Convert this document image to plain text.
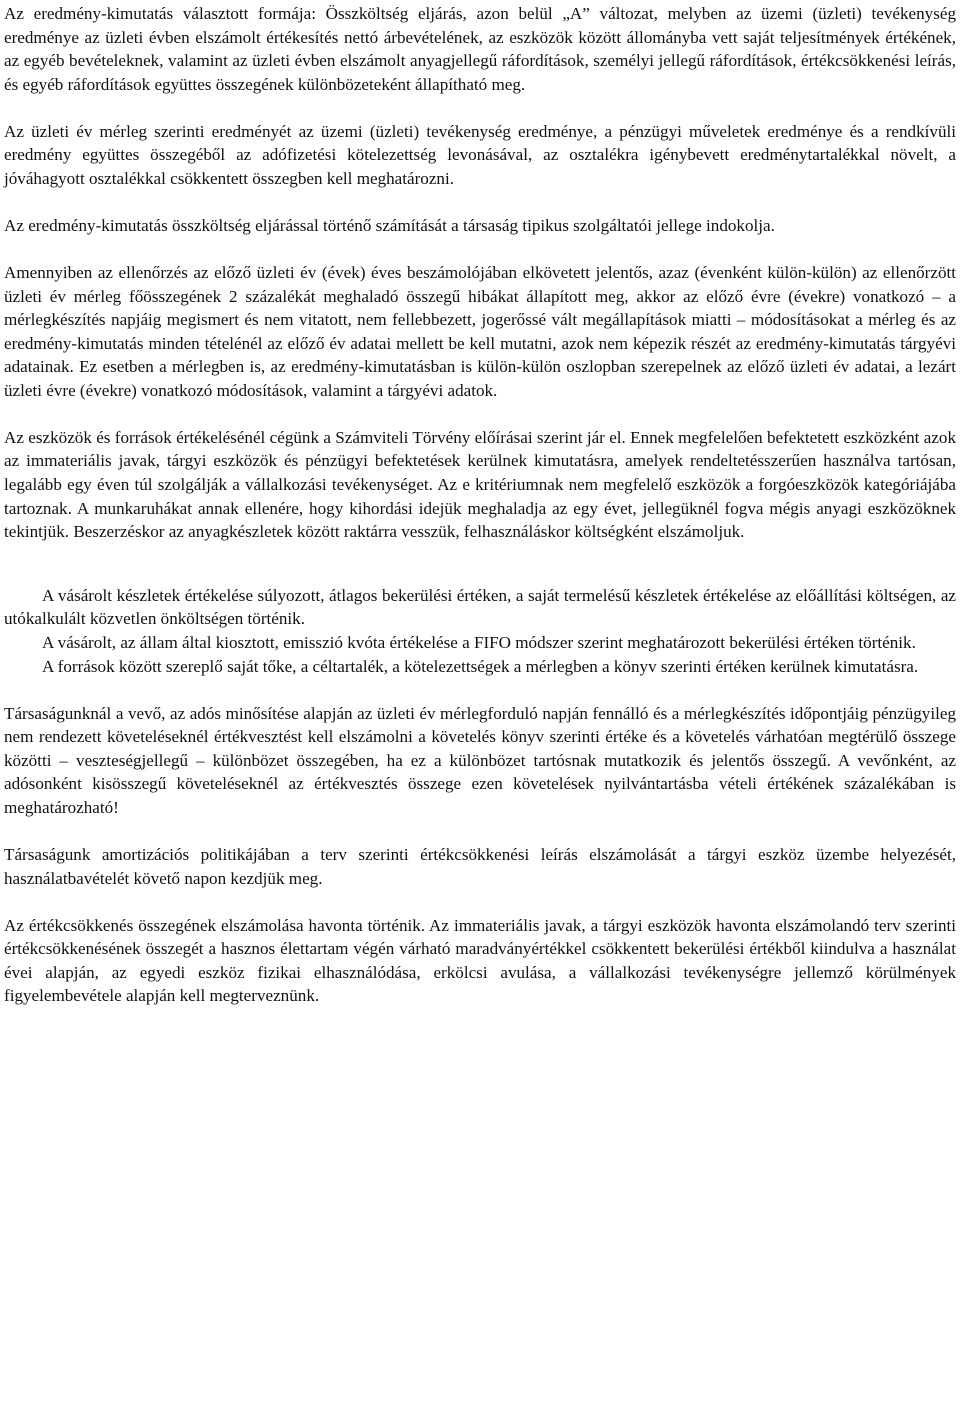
Az eredmény-kimutatás választott formája: Összköltség eljárás, azon belül „A” változat, melyben az üzemi (üzleti) tevékenység eredménye az üzleti évben elszámolt értékesítés nettó árbevételének, az eszközök között állományba vett saját teljesítmények értékének, az egyéb bevételeknek, valamint az üzleti évben elszámolt anyagjellegű ráfordítások, személyi jellegű ráfordítások, értékcsökkenési leírás, és egyéb ráfordítások együttes összegének különbözeteként állapítható meg.

Az üzleti év mérleg szerinti eredményét az üzemi (üzleti) tevékenység eredménye, a pénzügyi műveletek eredménye és a rendkívüli eredmény együttes összegéből az adófizetési kötelezettség levonásával, az osztalékra igénybevett eredménytartalékkal növelt, a jóváhagyott osztalékkal csökkentett összegben kell meghatározni.

Az eredmény-kimutatás összköltség eljárással történő számítását a társaság tipikus szolgáltatói jellege indokolja.

Amennyiben az ellenőrzés az előző üzleti év (évek) éves beszámolójában elkövetett jelentős, azaz (évenként külön-külön) az ellenőrzött üzleti év mérleg főösszegének 2 százalékát meghaladó összegű hibákat állapított meg, akkor az előző évre (évekre) vonatkozó – a mérlegkészítés napjáig megismert és nem vitatott, nem fellebbezett, jogerőssé vált megállapítások miatti – módosításokat a mérleg és az eredmény-kimutatás minden tételénél az előző év adatai mellett be kell mutatni, azok nem képezik részét az eredmény-kimutatás tárgyévi adatainak. Ez esetben a mérlegben is, az eredmény-kimutatásban is külön-külön oszlopban szerepelnek az előző üzleti év adatai, a lezárt üzleti évre (évekre) vonatkozó módosítások, valamint a tárgyévi adatok.

Az eszközök és források értékelésénél cégünk a Számviteli Törvény előírásai szerint jár el. Ennek megfelelően befektetett eszközként azok az immateriális javak, tárgyi eszközök és pénzügyi befektetések kerülnek kimutatásra, amelyek rendeltetésszerűen használva tartósan, legalább egy éven túl szolgálják a vállalkozási tevékenységet. Az e kritériumnak nem megfelelő eszközök a forgóeszközök kategóriájába tartoznak. A munkaruhákat annak ellenére, hogy kihordási idejük meghaladja az egy évet, jellegüknél fogva mégis anyagi eszközöknek tekintjük. Beszerzéskor az anyagkészletek között raktárra vesszük, felhasználáskor költségként elszámoljuk.

A vásárolt készletek értékelése súlyozott, átlagos bekerülési értéken, a saját termelésű készletek értékelése az előállítási költségen, az utókalkulált közvetlen önköltségen történik.

A vásárolt, az állam által kiosztott, emisszió kvóta értékelése a FIFO módszer szerint meghatározott bekerülési értéken történik.

A források között szereplő saját tőke, a céltartalék, a kötelezettségek a mérlegben a könyv szerinti értéken kerülnek kimutatásra.

Társaságunknál a vevő, az adós minősítése alapján az üzleti év mérlegforduló napján fennálló és a mérlegkészítés időpontjáig pénzügyileg nem rendezett követeléseknél értékvesztést kell elszámolni a követelés könyv szerinti értéke és a követelés várhatóan megtérülő összege közötti – veszteségjellegű – különbözet összegében, ha ez a különbözet tartósnak mutatkozik és jelentős összegű. A vevőnként, az adósonként kisösszegű követeléseknél az értékvesztés összege ezen követelések nyilvántartásba vételi értékének százalékában is meghatározható!

Társaságunk amortizációs politikájában a terv szerinti értékcsökkenési leírás elszámolását a tárgyi eszköz üzembe helyezését, használatbavételét követő napon kezdjük meg.

Az értékcsökkenés összegének elszámolása havonta történik. Az immateriális javak, a tárgyi eszközök havonta elszámolandó terv szerinti értékcsökkenésének összegét a hasznos élettartam végén várható maradványértékkel csökkentett bekerülési értékből kiindulva a használat évei alapján, az egyedi eszköz fizikai elhasználódása, erkölcsi avulása, a vállalkozási tevékenységre jellemző körülmények figyelembevétele alapján kell megterveznünk.
